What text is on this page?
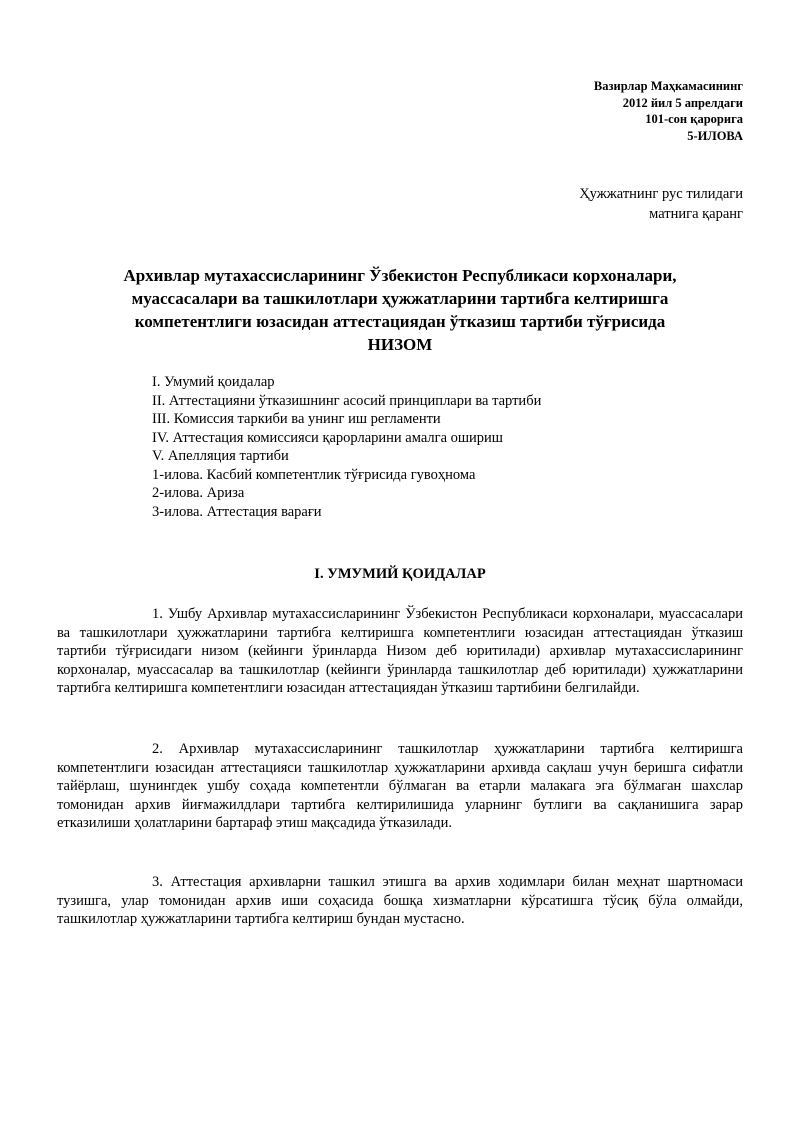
Вазирлар Маҳкамасининг
2012 йил 5 апрелдаги
101-сон қарорига
5-ИЛОВА
Ҳужжатнинг рус тилидаги
матнига қаранг
Архивлар мутахассисларининг Ўзбекистон Республикаси корхоналари,
муассасалари ва ташкилотлари ҳужжатларини тартибга келтиришга
компетентлиги юзасидан аттестациядан ўтказиш тартиби тўғрисида
НИЗОМ
I. Умумий қоидалар
II. Аттестацияни ўтказишнинг асосий принциплари ва тартиби
III. Комиссия таркиби ва унинг иш регламенти
IV. Аттестация комиссияси қарорларини амалга ошириш
V. Апелляция тартиби
1-илова. Касбий компетентлик тўғрисида гувоҳнома
2-илова. Ариза
3-илова. Аттестация варағи
I. УМУМИЙ ҚОИДАЛАР

1. Ушбу Архивлар мутахассисларининг Ўзбекистон Республикаси корхоналари, муассасалари ва ташкилотлари ҳужжатларини тартибга келтиришга компетентлиги юзасидан аттестациядан ўтказиш тартиби тўғрисидаги низом (кейинги ўринларда Низом деб юритилади) архивлар мутахассисларининг корхоналар, муассасалар ва ташкилотлар (кейинги ўринларда ташкилотлар деб юритилади) ҳужжатларини тартибга келтиришга компетентлиги юзасидан аттестациядан ўтказиш тартибини белгилайди.

2. Архивлар мутахассисларининг ташкилотлар ҳужжатларини тартибга келтиришга компетентлиги юзасидан аттестацияси ташкилотлар ҳужжатларини архивда сақлаш учун беришга сифатли тайёрлаш, шунингдек ушбу соҳада компетентли бўлмаган ва етарли малакага эга бўлмаган шахслар томонидан архив йиғмажилдлари тартибга келтирилишида уларнинг бутлиги ва сақланишига зарар етказилиши ҳолатларини бартараф этиш мақсадида ўтказилади.

3. Аттестация архивларни ташкил этишга ва архив ходимлари билан меҳнат шартномаси тузишга, улар томонидан архив иши соҳасида бошқа хизматларни кўрсатишга тўсиқ бўла олмайди, ташкилотлар ҳужжатларини тартибга келтириш бундан мустасно.
